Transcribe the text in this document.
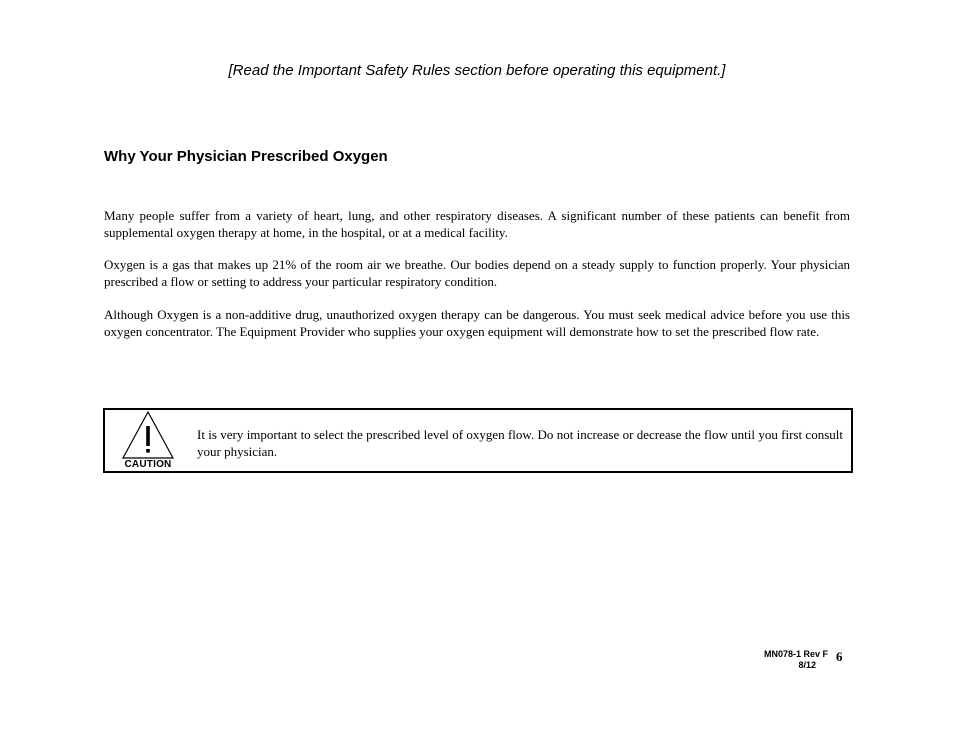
[Read the Important Safety Rules section before operating this equipment.]
Why Your Physician Prescribed Oxygen

Many people suffer from a variety of heart, lung, and other respiratory diseases. A significant number of these patients can benefit from supplemental oxygen therapy at home, in the hospital, or at a medical facility.

Oxygen is a gas that makes up 21% of the room air we breathe. Our bodies depend on a steady supply to function properly. Your physician prescribed a flow or setting to address your particular respiratory condition.

Although Oxygen is a non-additive drug, unauthorized oxygen therapy can be dangerous. You must seek medical advice before you use this oxygen concentrator. The Equipment Provider who supplies your oxygen equipment will demonstrate how to set the prescribed flow rate.

CAUTION

It is very important to select the prescribed level of oxygen flow. Do not increase or decrease the flow until you first consult your physician.

MN078-1 Rev F
8/12
6
